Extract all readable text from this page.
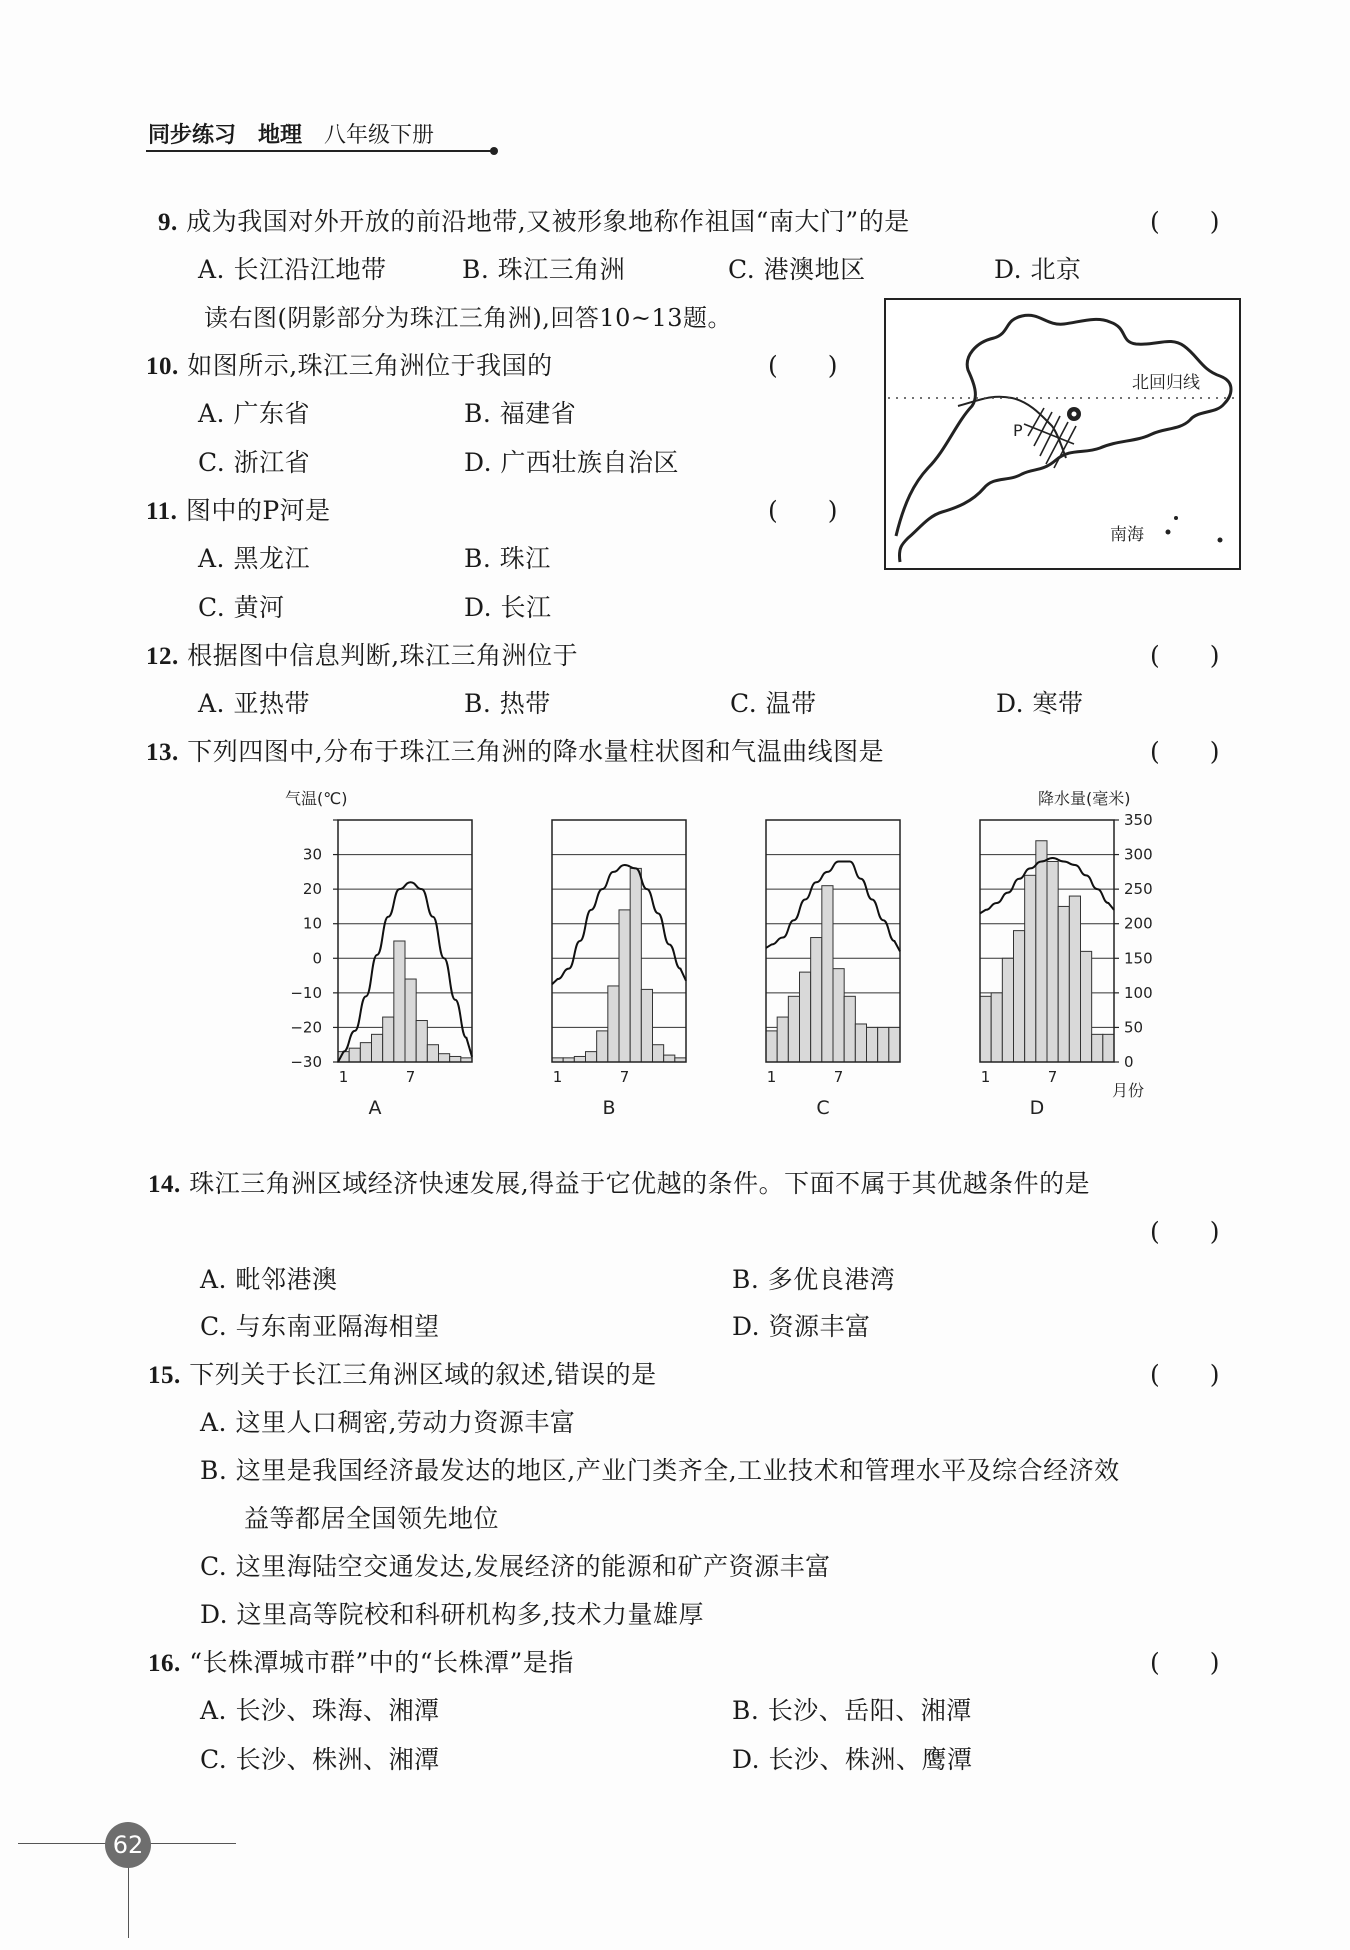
同步练习 地理 八年级下册
9. 成为我国对外开放的前沿地带,又被形象地称作祖国“南大门”的是	(　　)
A. 长江沿江地带	B. 珠江三角洲	C. 港澳地区	D. 北京
读右图(阴影部分为珠江三角洲),回答10~13题。
10. 如图所示,珠江三角洲位于我国的	(　　)
A. 广东省	B. 福建省
C. 浙江省	D. 广西壮族自治区
11. 图中的P河是	(　　)
A. 黑龙江	B. 珠江
C. 黄河	D. 长江
北回归线
P
南海
12. 根据图中信息判断,珠江三角洲位于	(　　)
A. 亚热带	B. 热带	C. 温带	D. 寒带
13. 下列四图中,分布于珠江三角洲的降水量柱状图和气温曲线图是	(　　)
气温(℃)	降水量(毫米)
月份
30
20
10
0
−10
−20
−30
350
300
250
200
150
100
50
0
1	7
A
1	7
B
1	7
C
1	7
D
14. 珠江三角洲区域经济快速发展,得益于它优越的条件。下面不属于其优越条件的是
(　　)
A. 毗邻港澳	B. 多优良港湾
C. 与东南亚隔海相望	D. 资源丰富
15. 下列关于长江三角洲区域的叙述,错误的是	(　　)
A. 这里人口稠密,劳动力资源丰富
B. 这里是我国经济最发达的地区,产业门类齐全,工业技术和管理水平及综合经济效
益等都居全国领先地位
C. 这里海陆空交通发达,发展经济的能源和矿产资源丰富
D. 这里高等院校和科研机构多,技术力量雄厚
16. “长株潭城市群”中的“长株潭”是指	(　　)
A. 长沙、珠海、湘潭	B. 长沙、岳阳、湘潭
C. 长沙、株洲、湘潭	D. 长沙、株洲、鹰潭
62
